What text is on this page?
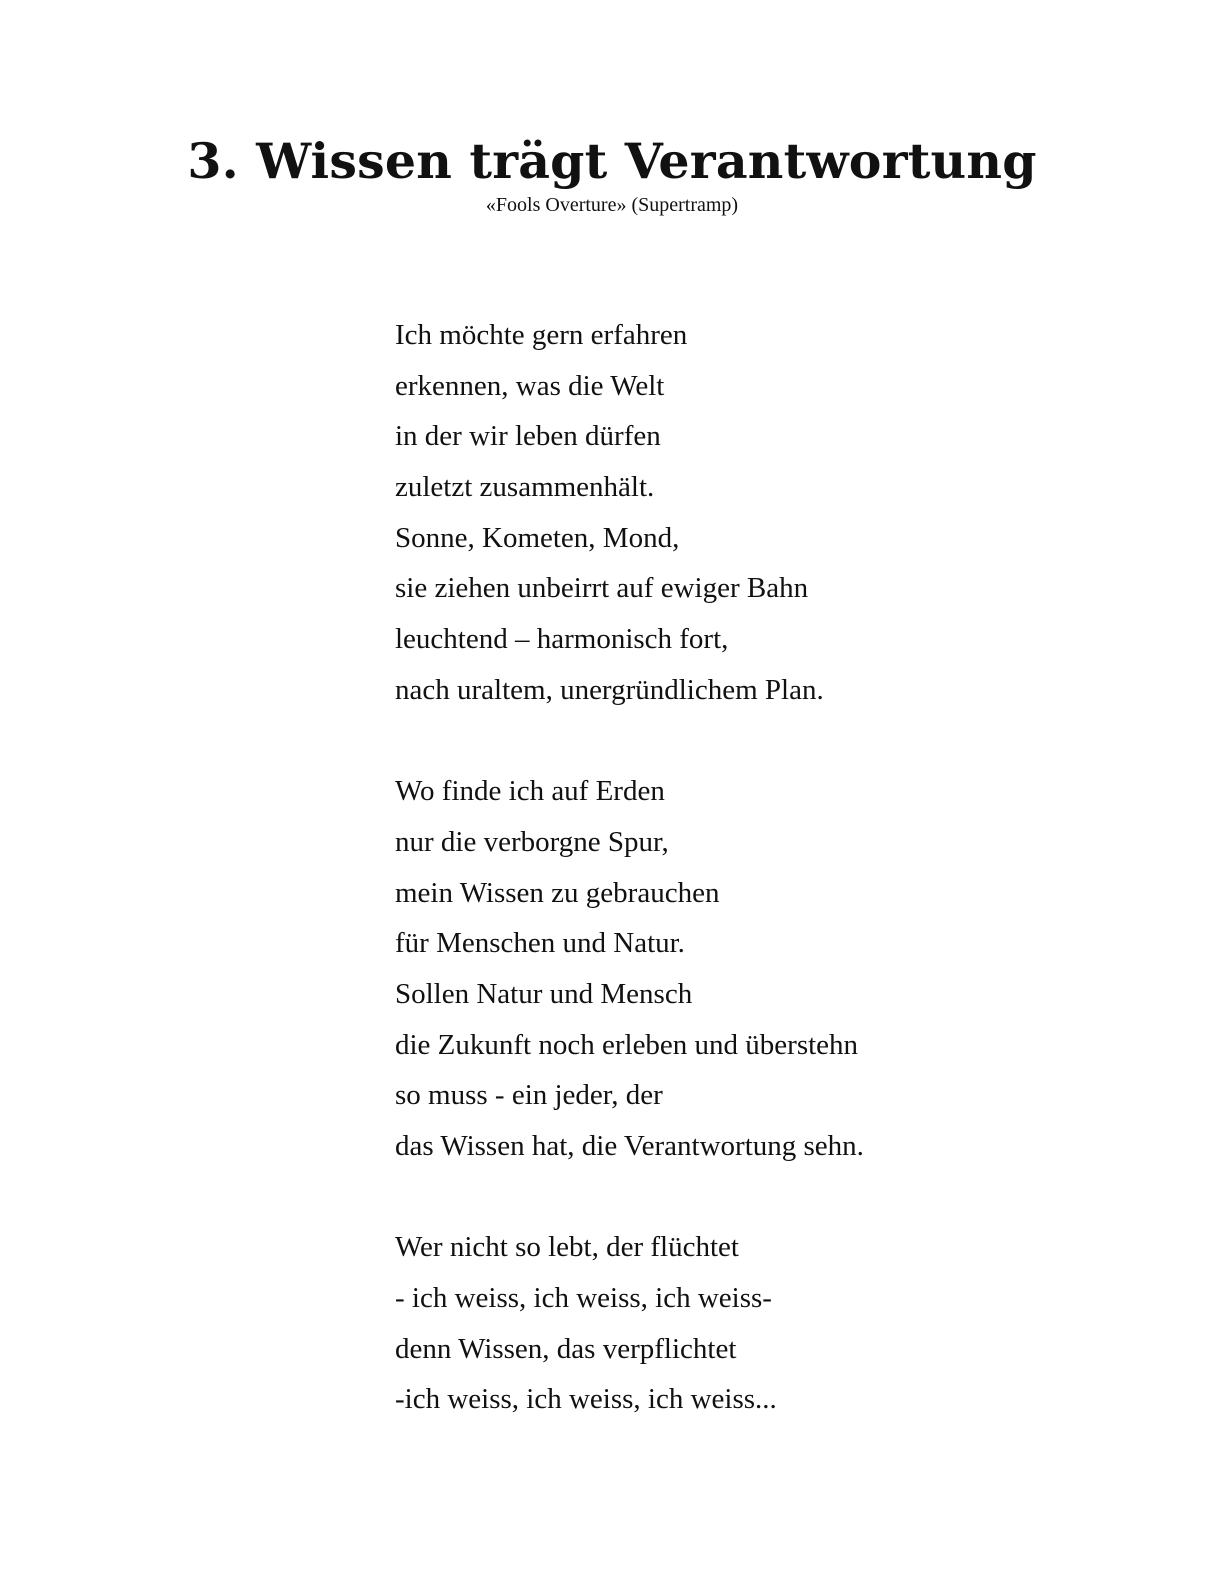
3. Wissen trägt Verantwortung

«Fools Overture» (Supertramp)

Ich möchte gern erfahren
erkennen, was die Welt
in der wir leben dürfen
zuletzt zusammenhält.
Sonne, Kometen, Mond,
sie ziehen unbeirrt auf ewiger Bahn
leuchtend – harmonisch fort,
nach uraltem, unergründlichem Plan.
Wo finde ich auf Erden
nur die verborgne Spur,
mein Wissen zu gebrauchen
für Menschen und Natur.
Sollen Natur und Mensch
die Zukunft noch erleben und überstehn
so muss - ein jeder, der
das Wissen hat, die Verantwortung sehn.
Wer nicht so lebt, der flüchtet
- ich weiss, ich weiss, ich weiss-
denn Wissen, das verpflichtet
-ich weiss, ich weiss, ich weiss...
